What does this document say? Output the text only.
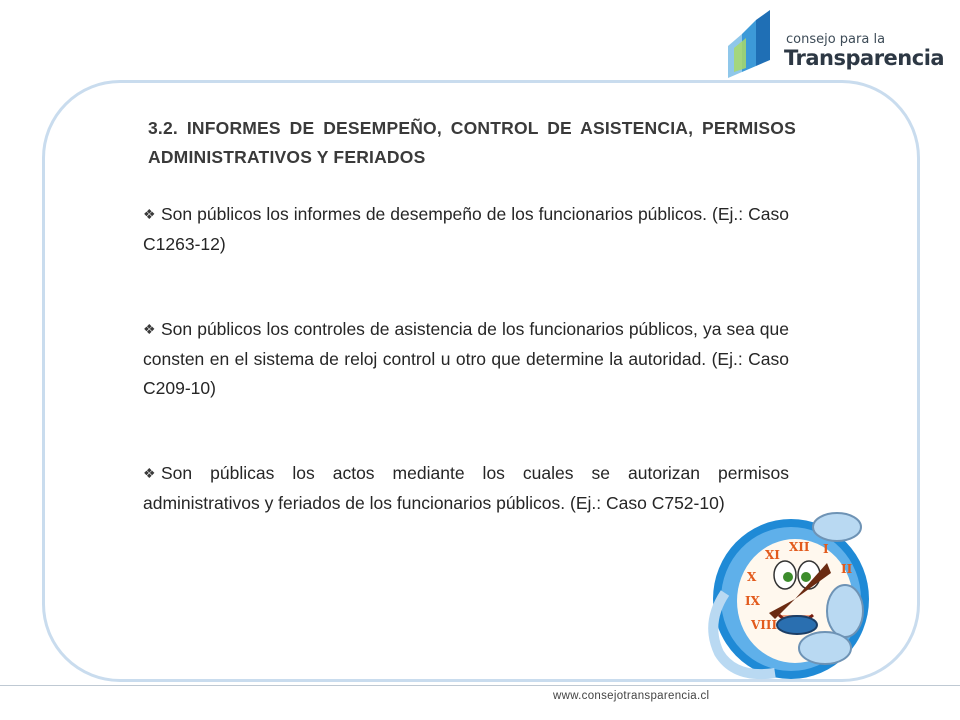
consejo para la
Transparencia
3.2. INFORMES DE DESEMPEÑO, CONTROL DE ASISTENCIA, PERMISOS ADMINISTRATIVOS Y FERIADOS
❖ Son públicos los informes de desempeño de los funcionarios públicos. (Ej.: Caso C1263-12)
❖ Son públicos los controles de asistencia de los funcionarios públicos, ya sea que consten en el sistema de reloj control u otro que determine la autoridad. (Ej.: Caso C209-10)
❖ Son públicas los actos mediante los cuales se autorizan permisos administrativos y feriados de los funcionarios públicos. (Ej.: Caso C752-10)
XII I
II
X
IX
VIII
XI
www.consejotransparencia.cl
